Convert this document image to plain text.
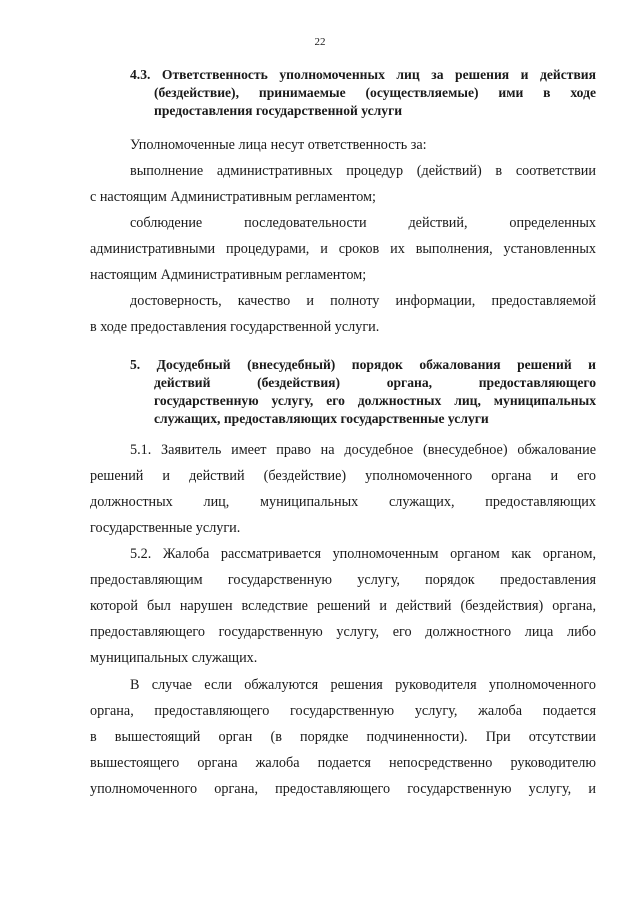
22
4.3. Ответственность уполномоченных лиц за решения и действия
(бездействие), принимаемые (осуществляемые) ими в ходе
предоставления государственной услуги
Уполномоченные лица несут ответственность за:
выполнение административных процедур (действий) в соответствии
с настоящим Административным регламентом;
соблюдение последовательности действий, определенных
административными процедурами, и сроков их выполнения, установленных
настоящим Административным регламентом;
достоверность, качество и полноту информации, предоставляемой
в ходе предоставления государственной услуги.
5. Досудебный (внесудебный) порядок обжалования решений и
действий (бездействия) органа, предоставляющего
государственную услугу, его должностных лиц, муниципальных
служащих, предоставляющих государственные услуги
5.1. Заявитель имеет право на досудебное (внесудебное) обжалование
решений и действий (бездействие) уполномоченного органа и его
должностных лиц, муниципальных служащих, предоставляющих
государственные услуги.
5.2. Жалоба рассматривается уполномоченным органом как органом,
предоставляющим государственную услугу, порядок предоставления
которой был нарушен вследствие решений и действий (бездействия) органа,
предоставляющего государственную услугу, его должностного лица либо
муниципальных служащих.
В случае если обжалуются решения руководителя уполномоченного
органа, предоставляющего государственную услугу, жалоба подается
в вышестоящий орган (в порядке подчиненности). При отсутствии
вышестоящего органа жалоба подается непосредственно руководителю
уполномоченного органа, предоставляющего государственную услугу, и
